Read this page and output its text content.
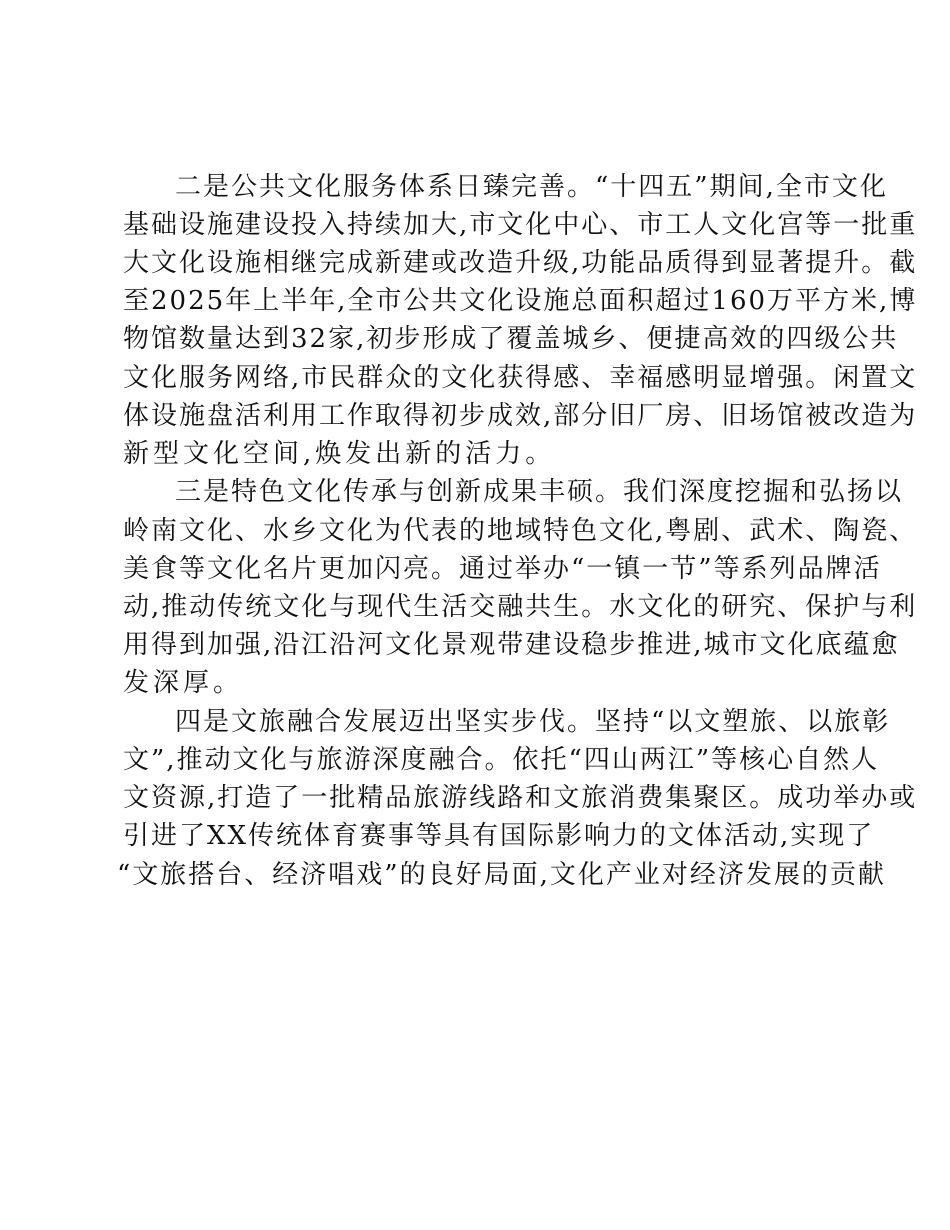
二是公共文化服务体系日臻完善。“十四五”期间,全市文化
基础设施建设投入持续加大,市文化中心、市工人文化宫等一批重
大文化设施相继完成新建或改造升级,功能品质得到显著提升。截
至2025年上半年,全市公共文化设施总面积超过160万平方米,博
物馆数量达到32家,初步形成了覆盖城乡、便捷高效的四级公共
文化服务网络,市民群众的文化获得感、幸福感明显增强。闲置文
体设施盘活利用工作取得初步成效,部分旧厂房、旧场馆被改造为
新型文化空间,焕发出新的活力。
三是特色文化传承与创新成果丰硕。我们深度挖掘和弘扬以
岭南文化、水乡文化为代表的地域特色文化,粤剧、武术、陶瓷、
美食等文化名片更加闪亮。通过举办“一镇一节”等系列品牌活
动,推动传统文化与现代生活交融共生。水文化的研究、保护与利
用得到加强,沿江沿河文化景观带建设稳步推进,城市文化底蕴愈
发深厚。
四是文旅融合发展迈出坚实步伐。坚持“以文塑旅、以旅彰
文”,推动文化与旅游深度融合。依托“四山两江”等核心自然人
文资源,打造了一批精品旅游线路和文旅消费集聚区。成功举办或
引进了XX传统体育赛事等具有国际影响力的文体活动,实现了
“文旅搭台、经济唱戏”的良好局面,文化产业对经济发展的贡献
